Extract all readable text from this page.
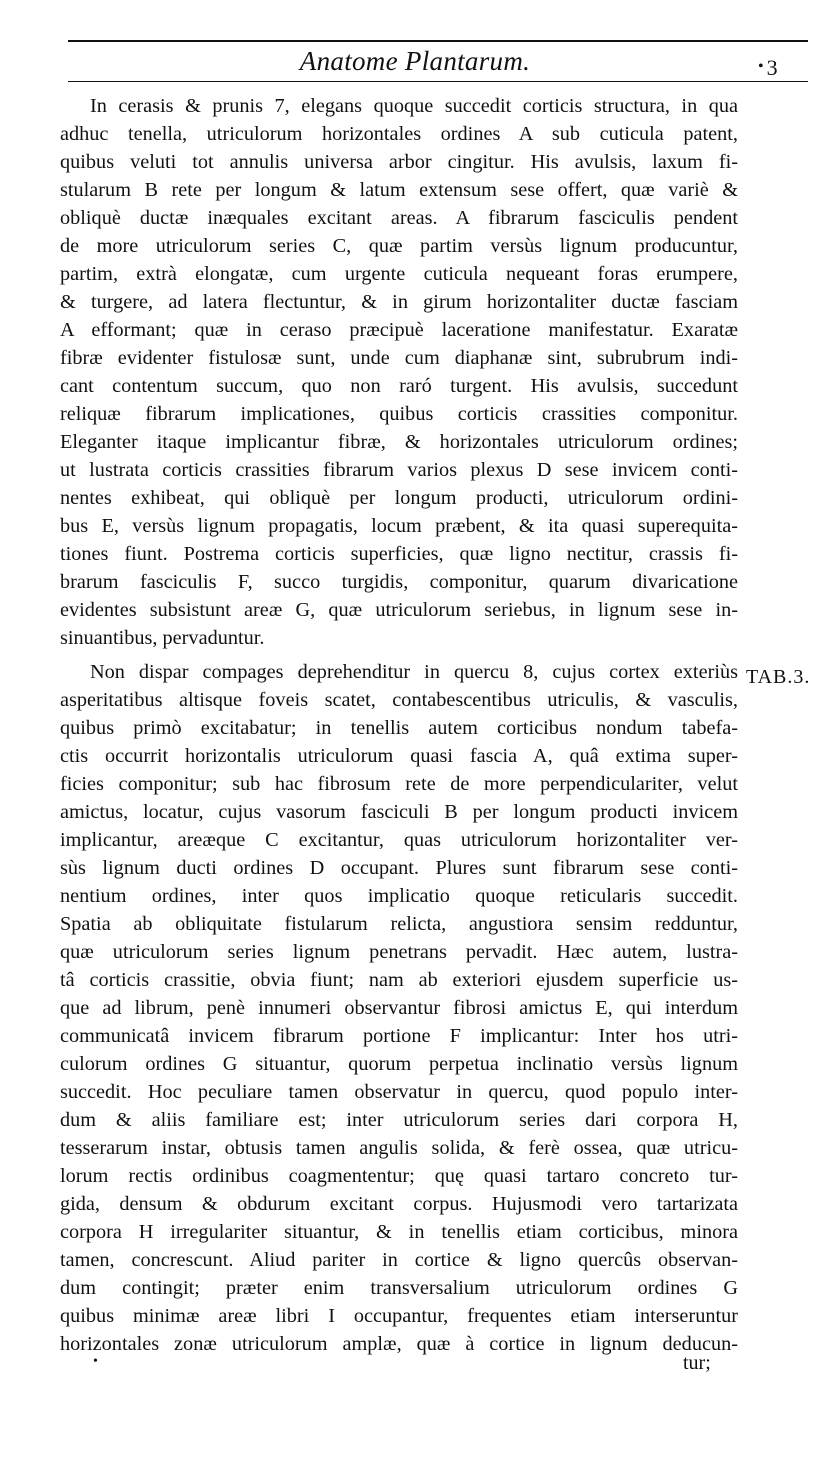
Anatome Plantarum.	• 3
In cerasis & prunis 7, elegans quoque succedit corticis structura, in qua
adhuc tenella, utriculorum horizontales ordines A sub cuticula patent,
quibus veluti tot annulis universa arbor cingitur. His avulsis, laxum fi-
stularum B rete per longum & latum extensum sese offert, quæ variè &
obliquè ductæ inæquales excitant areas. A fibrarum fasciculis pendent
de more utriculorum series C, quæ partim versùs lignum producuntur,
partim, extrà elongatæ, cum urgente cuticula nequeant foras erumpere,
& turgere, ad latera flectuntur, & in girum horizontaliter ductæ fasciam
A efformant; quæ in ceraso præcipuè laceratione manifestatur. Exaratæ
fibræ evidenter fistulosæ sunt, unde cum diaphanæ sint, subrubrum indi-
cant contentum succum, quo non raró turgent. His avulsis, succedunt
reliquæ fibrarum implicationes, quibus corticis crassities componitur.
Eleganter itaque implicantur fibræ, & horizontales utriculorum ordines;
ut lustrata corticis crassities fibrarum varios plexus D sese invicem conti-
nentes exhibeat, qui obliquè per longum producti, utriculorum ordini-
bus E, versùs lignum propagatis, locum præbent, & ita quasi superequita-
tiones fiunt. Postrema corticis superficies, quæ ligno nectitur, crassis fi-
brarum fasciculis F, succo turgidis, componitur, quarum divaricatione
evidentes subsistunt areæ G, quæ utriculorum seriebus, in lignum sese in-
sinuantibus, pervaduntur.
Non dispar compages deprehenditur in quercu 8, cujus cortex exteriùs
asperitatibus altisque foveis scatet, contabescentibus utriculis, & vasculis,
quibus primò excitabatur; in tenellis autem corticibus nondum tabefa-
ctis occurrit horizontalis utriculorum quasi fascia A, quâ extima super-
ficies componitur; sub hac fibrosum rete de more perpendiculariter, velut
amictus, locatur, cujus vasorum fasciculi B per longum producti invicem
implicantur, areæque C excitantur, quas utriculorum horizontaliter ver-
sùs lignum ducti ordines D occupant. Plures sunt fibrarum sese conti-
nentium ordines, inter quos implicatio quoque reticularis succedit.
Spatia ab obliquitate fistularum relicta, angustiora sensim redduntur,
quæ utriculorum series lignum penetrans pervadit. Hæc autem, lustra-
tâ corticis crassitie, obvia fiunt; nam ab exteriori ejusdem superficie us-
que ad librum, penè innumeri observantur fibrosi amictus E, qui interdum
communicatâ invicem fibrarum portione F implicantur: Inter hos utri-
culorum ordines G situantur, quorum perpetua inclinatio versùs lignum
succedit. Hoc peculiare tamen observatur in quercu, quod populo inter-
dum & aliis familiare est; inter utriculorum series dari corpora H,
tesserarum instar, obtusis tamen angulis solida, & ferè ossea, quæ utricu-
lorum rectis ordinibus coagmententur; quę quasi tartaro concreto tur-
gida, densum & obdurum excitant corpus. Hujusmodi vero tartarizata
corpora H irregulariter situantur, & in tenellis etiam corticibus, minora
tamen, concrescunt. Aliud pariter in cortice & ligno quercûs observan-
dum contingit; præter enim transversalium utriculorum ordines G
quibus minimæ areæ libri I occupantur, frequentes etiam interseruntur
horizontales zonæ utriculorum amplæ, quæ à cortice in lignum deducun-
TAB.3.
•	tur;
